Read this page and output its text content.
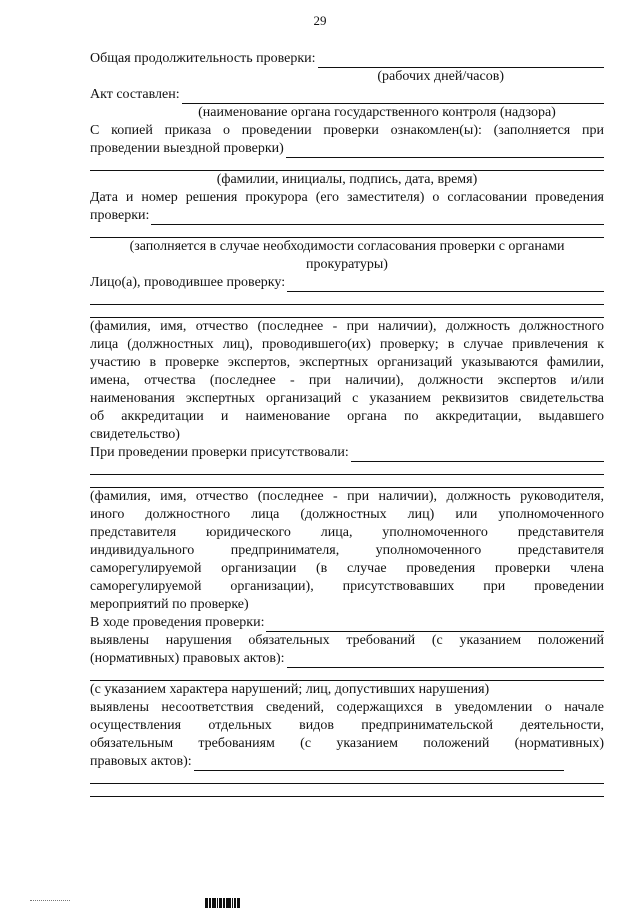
29
Общая продолжительность проверки:
(рабочих дней/часов)
Акт составлен:
(наименование органа государственного контроля (надзора)
С копией приказа о проведении проверки ознакомлен(ы): (заполняется при
проведении выездной проверки)
(фамилии, инициалы, подпись, дата, время)
Дата и номер решения прокурора (его заместителя) о согласовании проведения
проверки:
(заполняется в случае необходимости согласования проверки с органами
прокуратуры)
Лицо(а), проводившее проверку:
(фамилия, имя, отчество (последнее - при наличии), должность должностного
лица (должностных лиц), проводившего(их) проверку; в случае привлечения к
участию в проверке экспертов, экспертных организаций указываются фамилии,
имена, отчества (последнее - при наличии), должности экспертов и/или
наименования экспертных организаций с указанием реквизитов свидетельства
об аккредитации и наименование органа по аккредитации, выдавшего
свидетельство)
При проведении проверки присутствовали:
(фамилия, имя, отчество (последнее - при наличии), должность руководителя,
иного должностного лица (должностных лиц) или уполномоченного
представителя юридического лица, уполномоченного представителя
индивидуального предпринимателя, уполномоченного представителя
саморегулируемой организации (в случае проведения проверки члена
саморегулируемой организации), присутствовавших при проведении
мероприятий по проверке)
В ходе проведения проверки:
выявлены нарушения обязательных требований (с указанием положений
(нормативных) правовых актов):
(с указанием характера нарушений; лиц, допустивших нарушения)
выявлены несоответствия сведений, содержащихся в уведомлении о начале
осуществления отдельных видов предпринимательской деятельности,
обязательным требованиям (с указанием положений (нормативных)
правовых актов):
